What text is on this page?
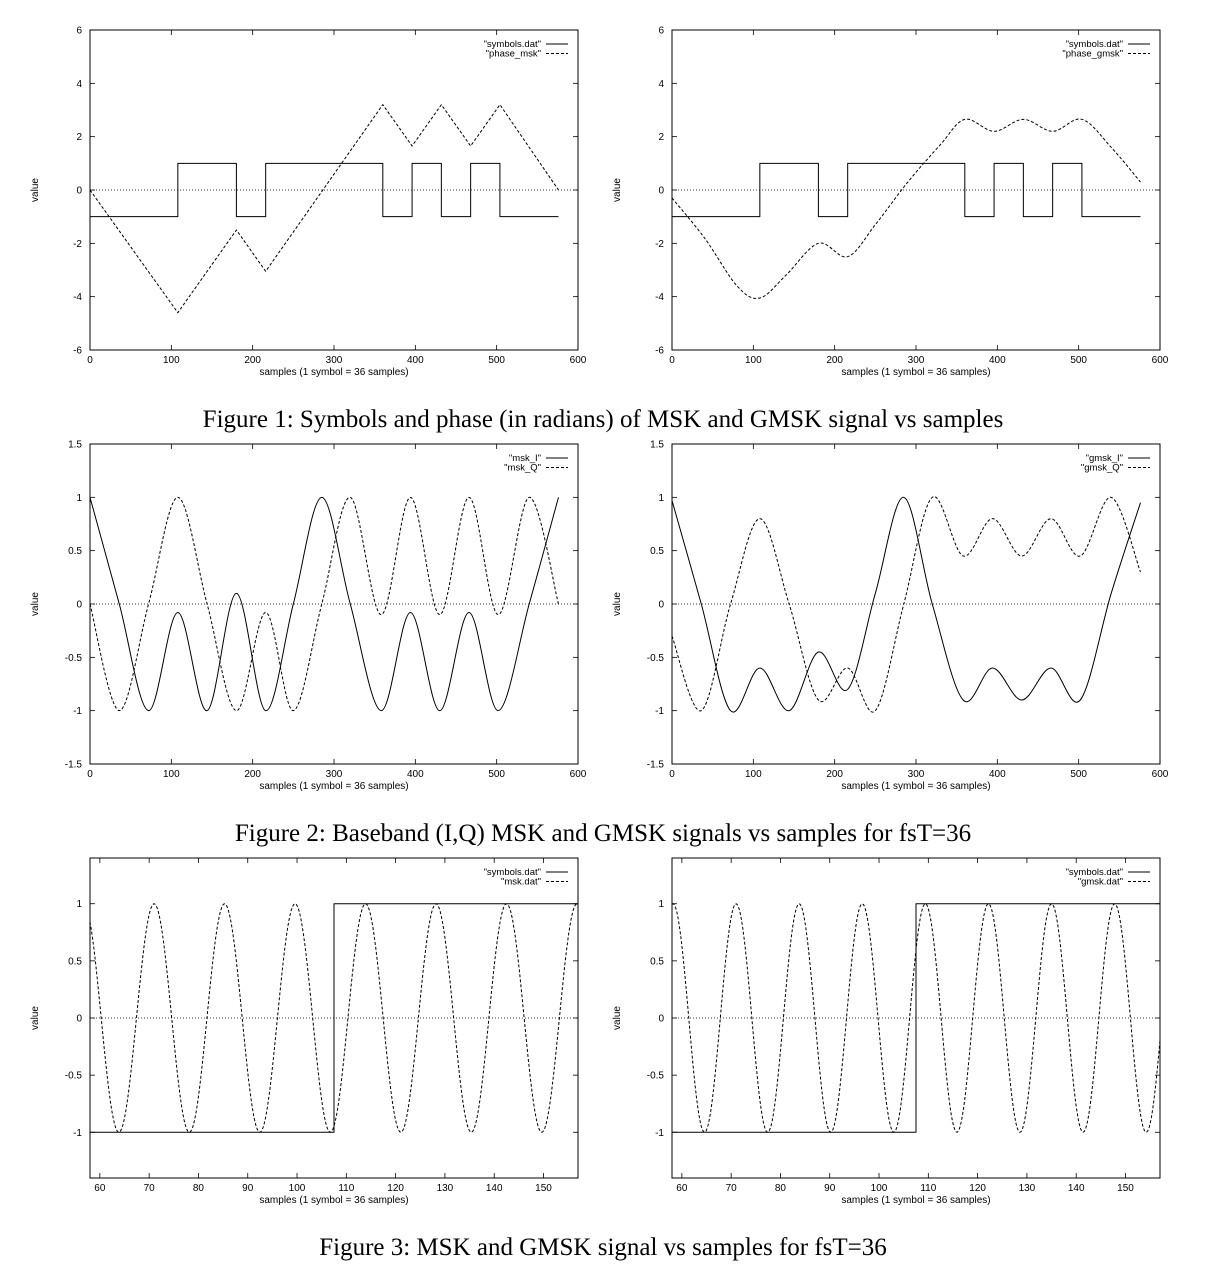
0	100	200	300	400	500	600
-6
-4
-2
0
2
4
6
samples (1 symbol = 36 samples)
value
"symbols.dat"
"phase_msk"
0	100	200	300	400	500	600
-6
-4
-2
0
2
4
6
samples (1 symbol = 36 samples)
value
"symbols.dat"
"phase_gmsk"
Figure 1: Symbols and phase (in radians) of MSK and GMSK signal vs samples
0	100	200	300	400	500	600
-1.5
-1
-0.5
0
0.5
1
1.5
samples (1 symbol = 36 samples)
value
"msk_I"
"msk_Q"
0	100	200	300	400	500	600
-1.5
-1
-0.5
0
0.5
1
1.5
samples (1 symbol = 36 samples)
value
"gmsk_I"
"gmsk_Q"
Figure 2: Baseband (I,Q) MSK and GMSK signals vs samples for fsT=36
60	70	80	90	100	110	120	130	140	150
-1
-0.5
0
0.5
1
samples (1 symbol = 36 samples)
value
"symbols.dat"
"msk.dat"
60	70	80	90	100	110	120	130	140	150
-1
-0.5
0
0.5
1
samples (1 symbol = 36 samples)
value
"symbols.dat"
"gmsk.dat"
Figure 3: MSK and GMSK signal vs samples for fsT=36
